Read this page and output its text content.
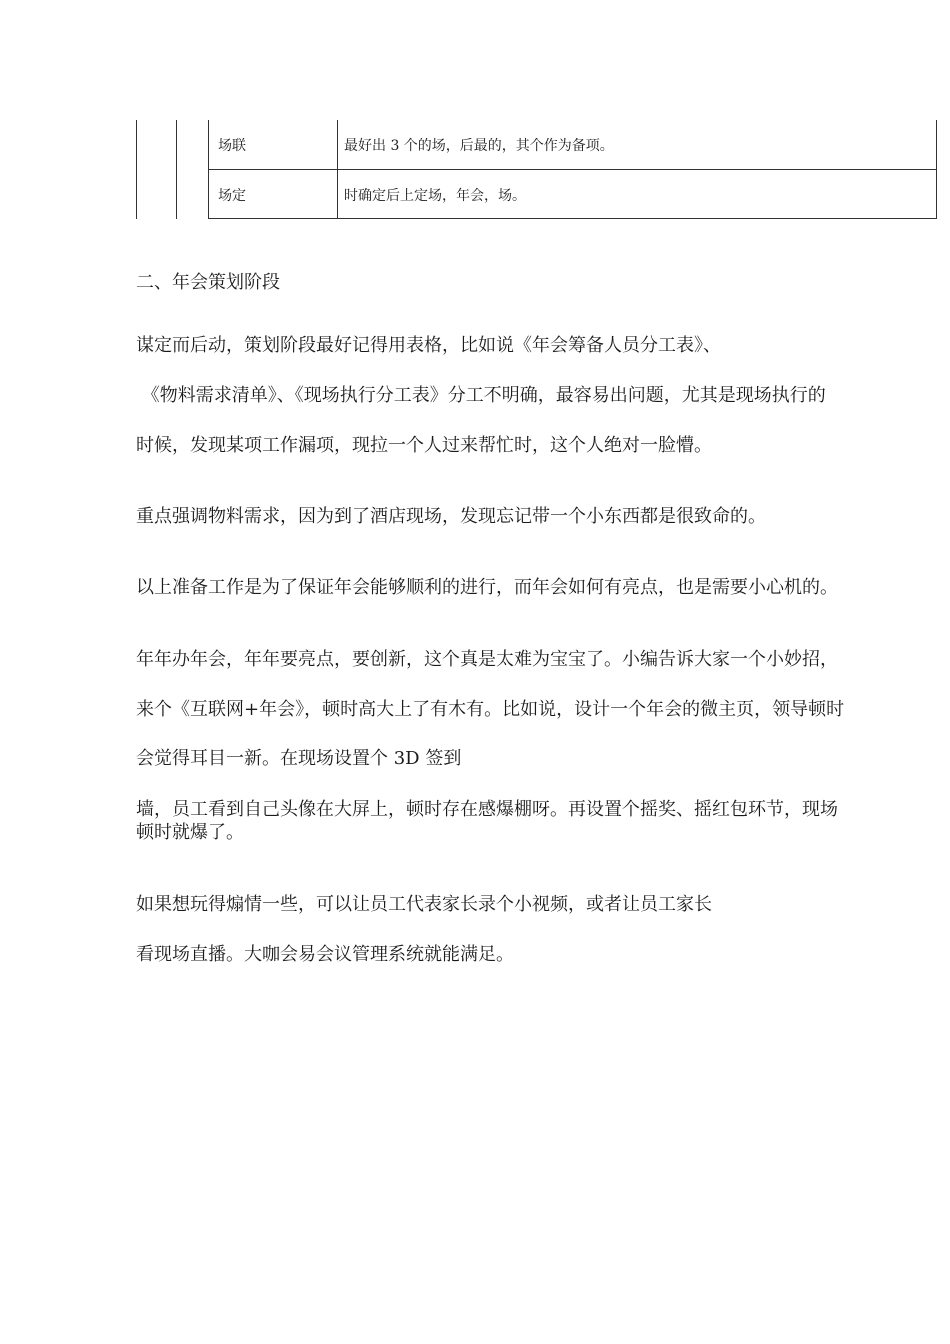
场联	最好出 3 个的场，后最的，其个作为备项。
场定	时确定后上定场，年会，场。
二、年会策划阶段
谋定而后动，策划阶段最好记得用表格，比如说《年会筹备人员分工表》、
《物料需求清单》、《现场执行分工表》分工不明确，最容易出问题，尤其是现场执行的
时候，发现某项工作漏项，现拉一个人过来帮忙时，这个人绝对一脸懵。
重点强调物料需求，因为到了酒店现场，发现忘记带一个小东西都是很致命的。
以上准备工作是为了保证年会能够顺利的进行，而年会如何有亮点，也是需要小心机的。
年年办年会，年年要亮点，要创新，这个真是太难为宝宝了。小编告诉大家一个小妙招，
来个《互联网+年会》，顿时高大上了有木有。比如说，设计一个年会的微主页，领导顿时
会觉得耳目一新。在现场设置个 3D 签到
墙，员工看到自己头像在大屏上，顿时存在感爆棚呀。再设置个摇奖、摇红包环节，现场
顿时就爆了。
如果想玩得煽情一些，可以让员工代表家长录个小视频，或者让员工家长
看现场直播。大咖会易会议管理系统就能满足。
